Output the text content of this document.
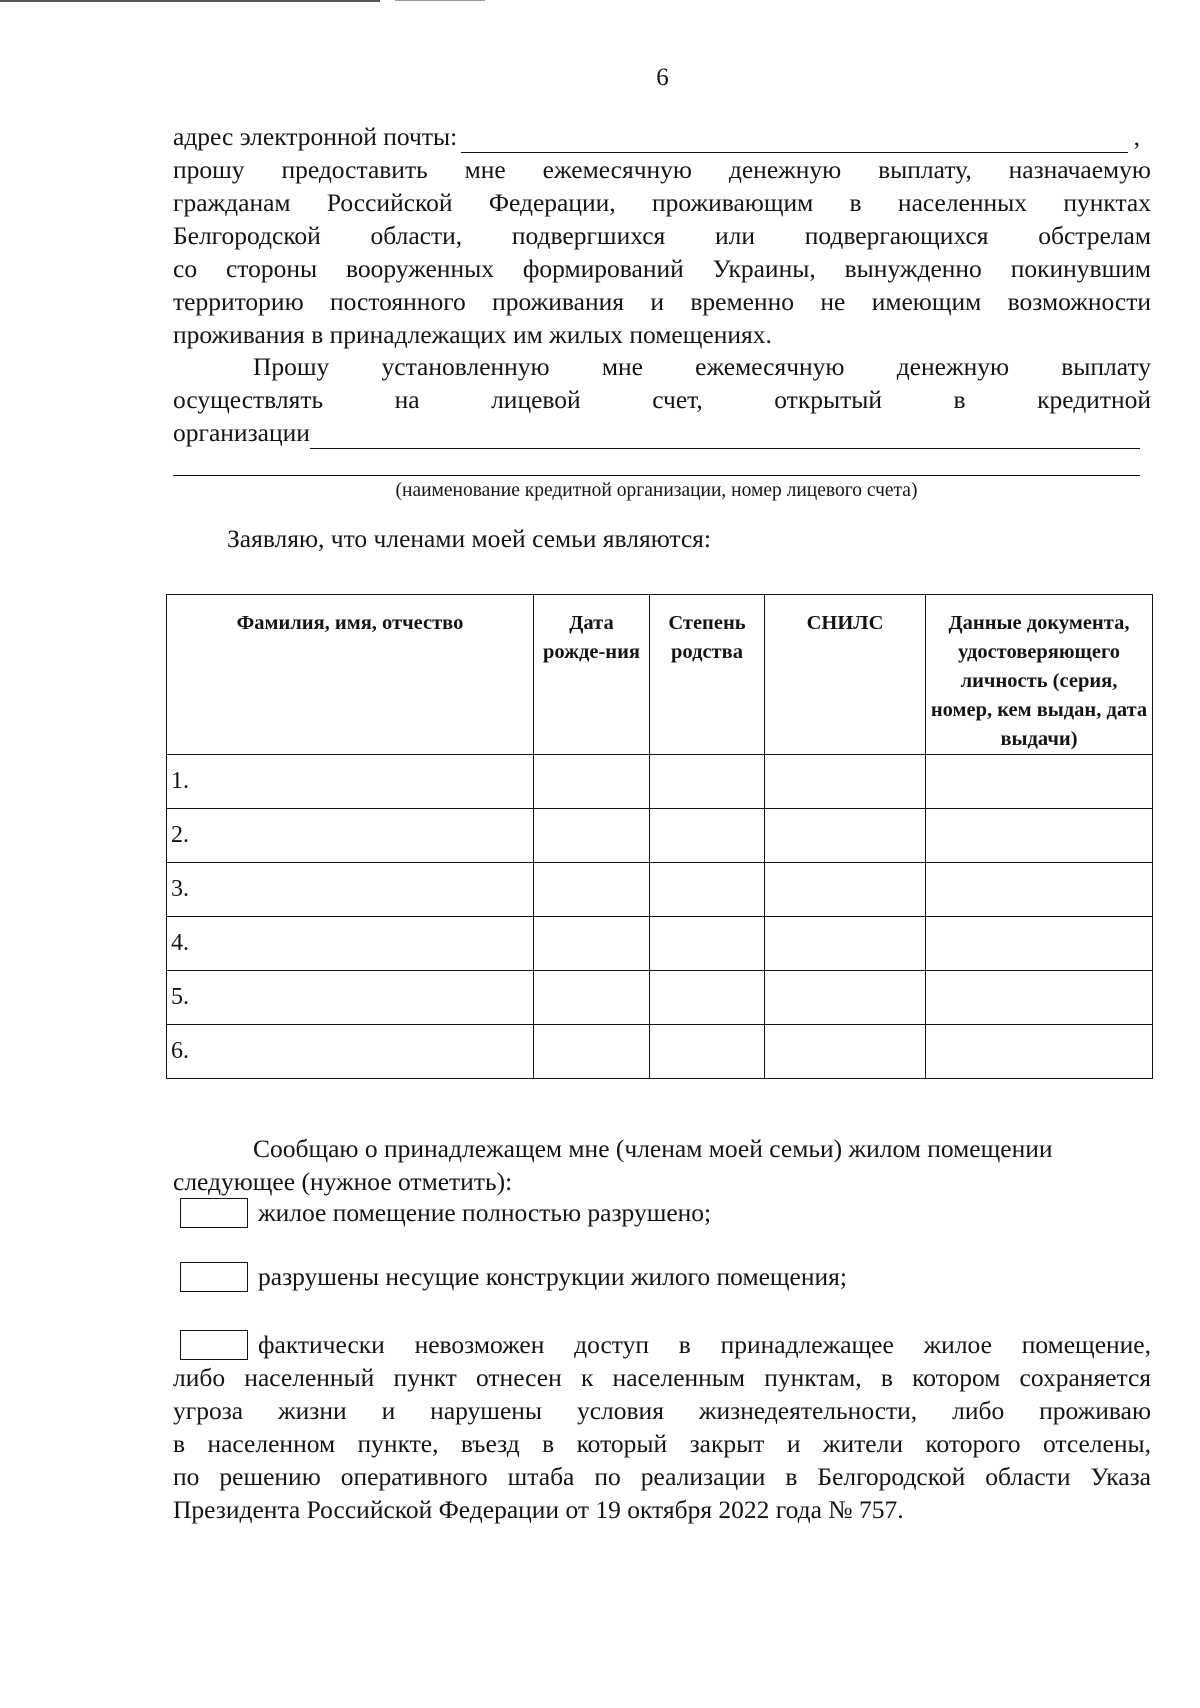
6
адрес электронной почты:	,
прошу предоставить мне ежемесячную денежную выплату, назначаемую
гражданам Российской Федерации, проживающим в населенных пунктах
Белгородской области, подвергшихся или подвергающихся обстрелам
со стороны вооруженных формирований Украины, вынужденно покинувшим
территорию постоянного проживания и временно не имеющим возможности
проживания в принадлежащих им жилых помещениях.
Прошу установленную мне ежемесячную денежную выплату
осуществлять на лицевой счет, открытый в кредитной
организации
(наименование кредитной организации, номер лицевого счета)
Заявляю, что членами моей семьи являются:
Фамилия, имя, отчество	Дата рожде-ния	Степень родства	СНИЛС	Данные документа, удостоверяющего личность (серия, номер, кем выдан, дата выдачи)
1.				
2.				
3.				
4.				
5.				
6.				
Сообщаю о принадлежащем мне (членам моей семьи) жилом помещении
следующее (нужное отметить):
жилое помещение полностью разрушено;
разрушены несущие конструкции жилого помещения;
фактически невозможен доступ в принадлежащее жилое помещение,
либо населенный пункт отнесен к населенным пунктам, в котором сохраняется
угроза жизни и нарушены условия жизнедеятельности, либо проживаю
в населенном пункте, въезд в который закрыт и жители которого отселены,
по решению оперативного штаба по реализации в Белгородской области Указа
Президента Российской Федерации от 19 октября 2022 года № 757.
